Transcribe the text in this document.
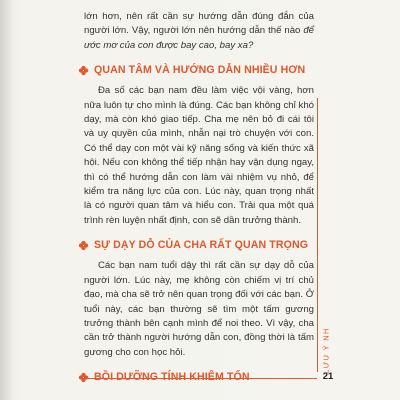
lớn hơn, nên rất cần sự hướng dẫn đúng đắn của người lớn. Vậy, người lớn nên hướng dẫn thế nào để ước mơ của con được bay cao, bay xa?

QUAN TÂM VÀ HƯỚNG DẪN NHIỀU HƠN

Đa số các bạn nam đều làm việc vội vàng, hơn nữa luôn tự cho mình là đúng. Các bạn không chỉ khó dạy, mà còn khó giao tiếp. Cha mẹ nên bỏ đi cái tôi và uy quyền của mình, nhẫn nại trò chuyện với con. Có thể dạy con một vài kỹ năng sống và kiến thức xã hội. Nếu con không thể tiếp nhận hay vận dụng ngay, thì có thể hướng dẫn con làm vài nhiệm vụ nhỏ, để kiểm tra năng lực của con. Lúc này, quan trọng nhất là có người quan tâm và hiểu con. Trải qua một quá trình rèn luyện nhất định, con sẽ dần trưởng thành.

SỰ DẠY DỖ CỦA CHA RẤT QUAN TRỌNG

Các bạn nam tuổi dậy thì rất cần sự dạy dỗ của người lớn. Lúc này, mẹ không còn chiếm vị trí chủ đạo, mà cha sẽ trở nên quan trọng đối với các bạn. Ở tuổi này, các bạn thường sẽ tìm một tấm gương trưởng thành bên cạnh mình để noi theo. Vì vậy, cha cần trở thành người hướng dẫn con, đồng thời là tấm gương cho con học hỏi.	LƯU Ý NH
21
